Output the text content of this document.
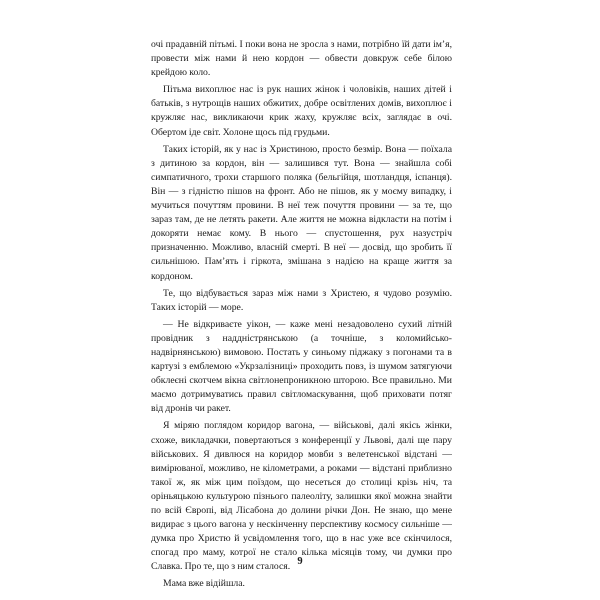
очі прадавній пітьмі. І поки вона не зросла з нами, потрібно їй дати ім’я, провести між нами й нею кордон — обвести довкруж себе білою крейдою коло.

Пітьма вихоплює нас із рук наших жінок і чоловіків, наших дітей і батьків, з нутрощів наших обжитих, добре освітлених домів, вихоплює і кружляє нас, викликаючи крик жаху, кружляє всіх, заглядає в очі. Обертом іде світ. Холоне щось під грудьми.

Таких історій, як у нас із Христиною, просто безмір. Вона — поїхала з дитиною за кордон, він — залишився тут. Вона — знайшла собі симпатичного, трохи старшого поляка (бельгійця, шотландця, іспанця). Він — з гідністю пішов на фронт. Або не пішов, як у моєму випадку, і мучиться почуттям провини. В неї теж почуття провини — за те, що зараз там, де не летять ракети. Але життя не можна відкласти на потім і докоряти немає кому. В нього — спустошення, рух назустріч призначенню. Можливо, власній смерті. В неї — досвід, що зробить її сильнішою. Пам’ять і гіркота, змішана з надією на краще життя за кордоном.

Те, що відбувається зараз між нами з Христею, я чудово розумію. Таких історій — море.

— Не відкриваєте уікон, — каже мені незадоволено сухий літній провідник з наддністрянською (а точніше, з коломийсько-надвірнянською) вимовою. Постать у синьому піджаку з погонами та в картузі з емблемою «Укрзалізниці» проходить повз, із шумом затягуючи обклеєні скотчем вікна світлонепроникною шторою. Все правильно. Ми маємо дотримуватись правил світломаскування, щоб приховати потяг від дронів чи ракет.

Я міряю поглядом коридор вагона, — військові, далі якісь жінки, схоже, викладачки, повертаються з конференції у Львові, далі ще пару військових. Я дивлюся на коридор мовби з велетенської відстані — вимірюваної, можливо, не кілометрами, а роками — відстані приблизно такої ж, як між цим поїздом, що несеться до столиці крізь ніч, та оріньяцькою культурою пізнього палеоліту, залишки якої можна знайти по всій Європі, від Лісабона до долини річки Дон. Не знаю, що мене видирає з цього вагона у нескінченну перспективу космосу сильніше — думка про Христю й усвідомлення того, що в нас уже все скінчилося, спогад про маму, котрої не стало кілька місяців тому, чи думки про Славка. Про те, що з ним сталося.

Мама вже відійшла.

9
